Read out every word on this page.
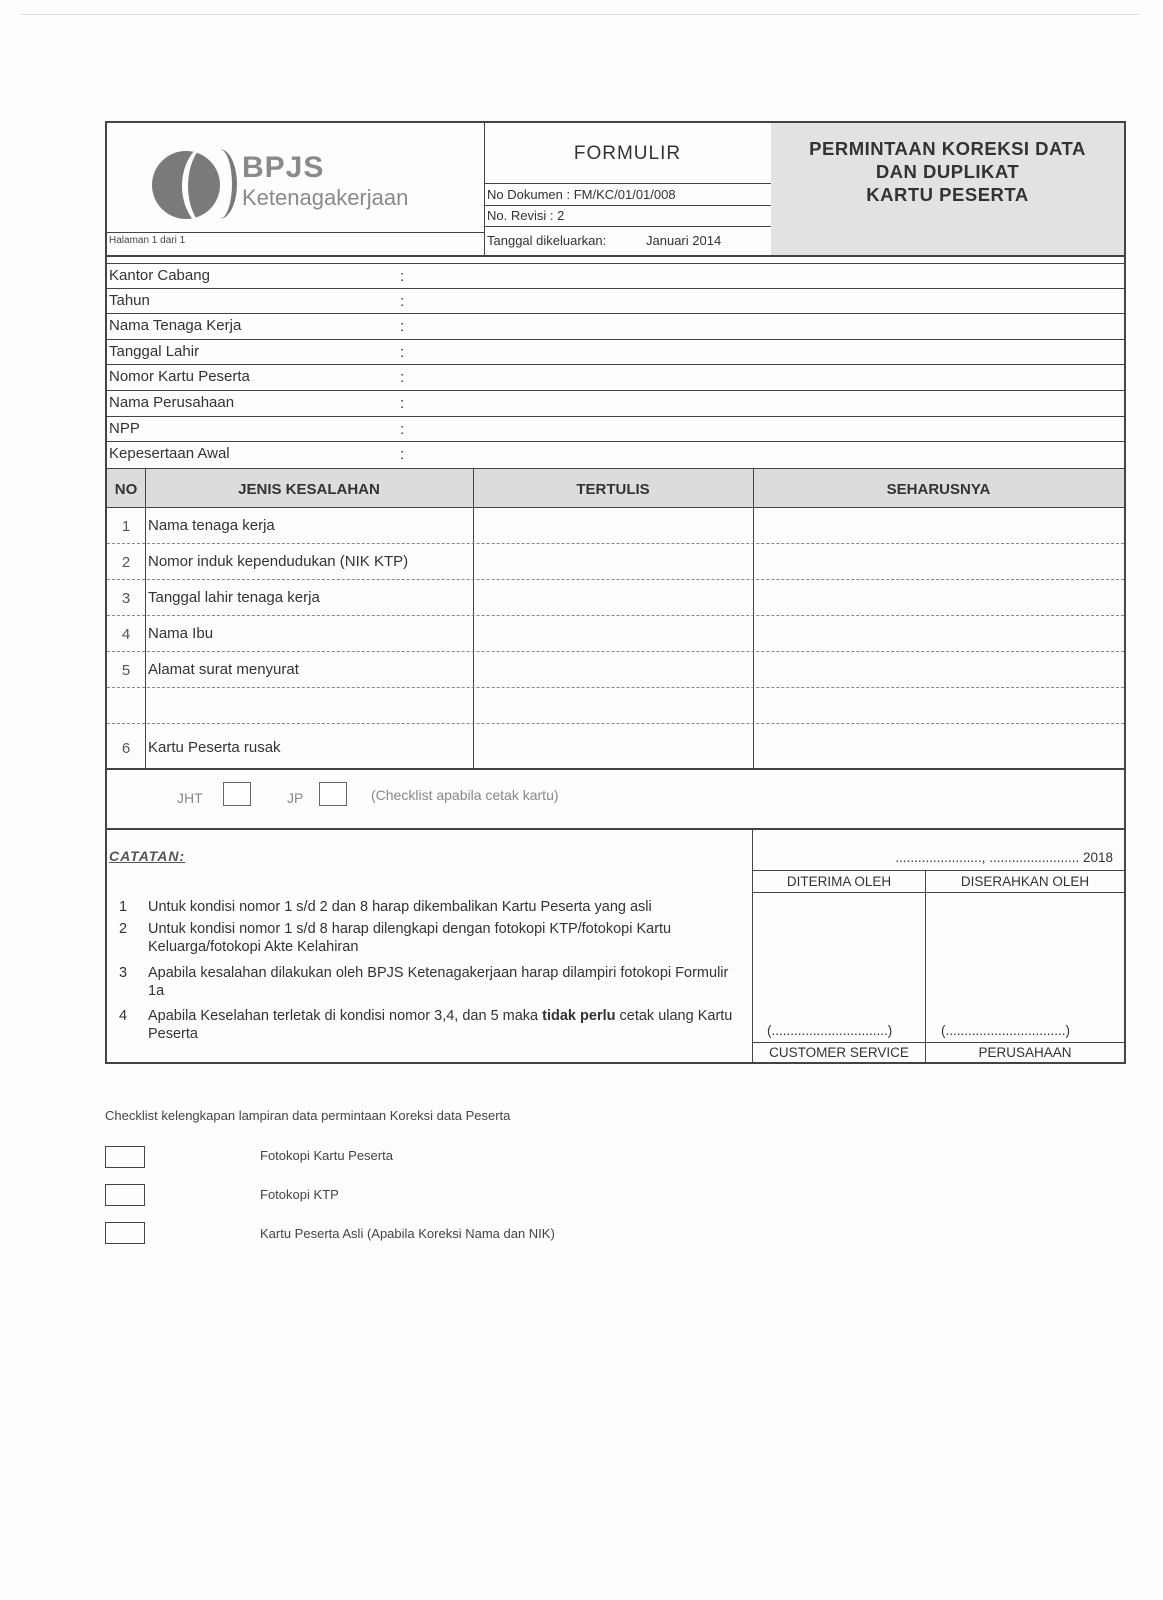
BPJS
Ketenagakerjaan
Halaman 1 dari 1
FORMULIR
No Dokumen : FM/KC/01/01/008
No. Revisi : 2
Tanggal dikeluarkan:	Januari 2014
PERMINTAAN KOREKSI DATA
DAN DUPLIKAT
KARTU PESERTA
Kantor Cabang	:
Tahun	:
Nama Tenaga Kerja	:
Tanggal Lahir	:
Nomor Kartu Peserta	:
Nama Perusahaan	:
NPP	:
Kepesertaan Awal	:
NO	JENIS KESALAHAN	TERTULIS	SEHARUSNYA
1	Nama tenaga kerja
2	Nomor induk kependudukan (NIK KTP)
3	Tanggal lahir tenaga kerja
4	Nama Ibu
5	Alamat surat menyurat
6	Kartu Peserta rusak
JHT	JP	(Checklist apabila cetak kartu)
CATATAN:
1	Untuk kondisi nomor 1 s/d 2 dan 8 harap dikembalikan Kartu Peserta yang asli
2	Untuk kondisi nomor 1 s/d 8 harap dilengkapi dengan fotokopi KTP/fotokopi Kartu Keluarga/fotokopi Akte Kelahiran
3	Apabila kesalahan dilakukan oleh BPJS Ketenagakerjaan harap dilampiri fotokopi Formulir 1a
4	Apabila Keselahan terletak di kondisi nomor 3,4, dan 5 maka tidak perlu cetak ulang Kartu Peserta
......................., ........................ 2018
DITERIMA OLEH	DISERAHKAN OLEH
(...............................)	(................................)
CUSTOMER SERVICE	PERUSAHAAN
Checklist kelengkapan lampiran data permintaan Koreksi data Peserta
Fotokopi Kartu Peserta
Fotokopi KTP
Kartu Peserta Asli (Apabila Koreksi Nama dan NIK)
